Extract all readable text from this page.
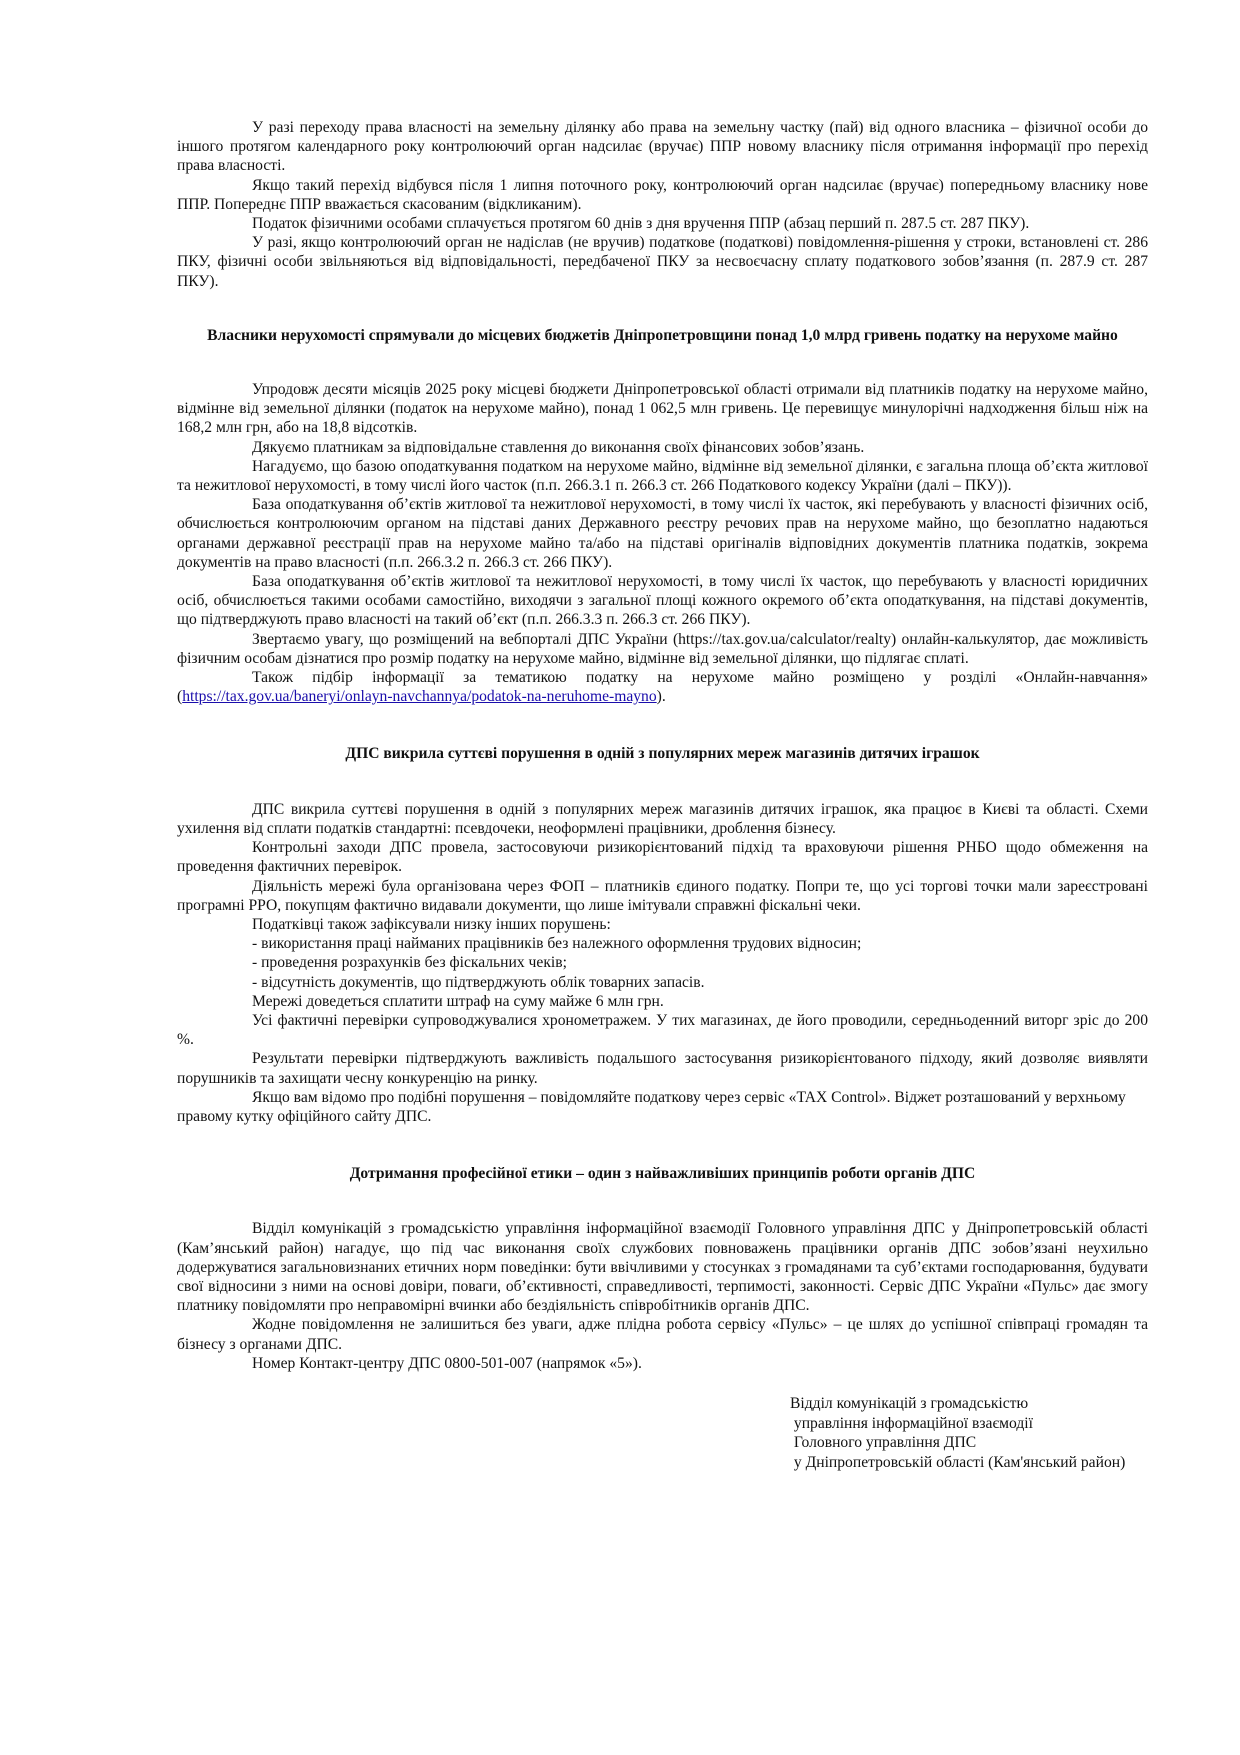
У разі переходу права власності на земельну ділянку або права на земельну частку (пай) від одного власника – фізичної особи до іншого протягом календарного року контролюючий орган надсилає (вручає) ППР новому власнику після отримання інформації про перехід права власності.

Якщо такий перехід відбувся після 1 липня поточного року, контролюючий орган надсилає (вручає) попередньому власнику нове ППР. Попереднє ППР вважається скасованим (відкликаним).

Податок фізичними особами сплачується протягом 60 днів з дня вручення ППР (абзац перший п. 287.5 ст. 287 ПКУ).

У разі, якщо контролюючий орган не надіслав (не вручив) податкове (податкові) повідомлення-рішення у строки, встановлені ст. 286 ПКУ, фізичні особи звільняються від відповідальності, передбаченої ПКУ за несвоєчасну сплату податкового зобов’язання (п. 287.9 ст. 287 ПКУ).

Власники нерухомості спрямували до місцевих бюджетів Дніпропетровщини понад 1,0 млрд гривень податку на нерухоме майно

Упродовж десяти місяців 2025 року місцеві бюджети Дніпропетровської області отримали від платників податку на нерухоме майно, відмінне від земельної ділянки (податок на нерухоме майно), понад 1 062,5 млн гривень. Це перевищує минулорічні надходження більш ніж на 168,2 млн грн, або на 18,8 відсотків.

Дякуємо платникам за відповідальне ставлення до виконання своїх фінансових зобов’язань.

Нагадуємо, що базою оподаткування податком на нерухоме майно, відмінне від земельної ділянки, є загальна площа об’єкта житлової та нежитлової нерухомості, в тому числі його часток (п.п. 266.3.1 п. 266.3 ст. 266 Податкового кодексу України (далі – ПКУ)).

База оподаткування об’єктів житлової та нежитлової нерухомості, в тому числі їх часток, які перебувають у власності фізичних осіб, обчислюється контролюючим органом на підставі даних Державного реєстру речових прав на нерухоме майно, що безоплатно надаються органами державної реєстрації прав на нерухоме майно та/або на підставі оригіналів відповідних документів платника податків, зокрема документів на право власності (п.п. 266.3.2 п. 266.3 ст. 266 ПКУ).

База оподаткування об’єктів житлової та нежитлової нерухомості, в тому числі їх часток, що перебувають у власності юридичних осіб, обчислюється такими особами самостійно, виходячи з загальної площі кожного окремого об’єкта оподаткування, на підставі документів, що підтверджують право власності на такий об’єкт (п.п. 266.3.3 п. 266.3 ст. 266 ПКУ).

Звертаємо увагу, що розміщений на вебпорталі ДПС України (https://tax.gov.ua/calculator/realty) онлайн-калькулятор, дає можливість фізичним особам дізнатися про розмір податку на нерухоме майно, відмінне від земельної ділянки, що підлягає сплаті.

Також підбір інформації за тематикою податку на нерухоме майно розміщено у розділі «Онлайн-навчання» (https://tax.gov.ua/baneryi/onlayn-navchannya/podatok-na-neruhome-mayno).

ДПС викрила суттєві порушення в одній з популярних мереж магазинів дитячих іграшок

ДПС викрила суттєві порушення в одній з популярних мереж магазинів дитячих іграшок, яка працює в Києві та області. Схеми ухилення від сплати податків стандартні: псевдочеки, неоформлені працівники, дроблення бізнесу.

Контрольні заходи ДПС провела, застосовуючи ризикорієнтований підхід та враховуючи рішення РНБО щодо обмеження на проведення фактичних перевірок.

Діяльність мережі була організована через ФОП – платників єдиного податку. Попри те, що усі торгові точки мали зареєстровані програмні РРО, покупцям фактично видавали документи, що лише імітували справжні фіскальні чеки.

Податківці також зафіксували низку інших порушень:

- використання праці найманих працівників без належного оформлення трудових відносин;

- проведення розрахунків без фіскальних чеків;

- відсутність документів, що підтверджують облік товарних запасів.

Мережі доведеться сплатити штраф на суму майже 6 млн грн.

Усі фактичні перевірки супроводжувалися хронометражем. У тих магазинах, де його проводили, середньоденний виторг зріс до 200 %.

Результати перевірки підтверджують важливість подальшого застосування ризикорієнтованого підходу, який дозволяє виявляти порушників та захищати чесну конкуренцію на ринку.

Якщо вам відомо про подібні порушення – повідомляйте податкову через сервіс «TAX Control». Віджет розташований у верхньому правому кутку офіційного сайту ДПС.

Дотримання професійної етики – один з найважливіших принципів роботи органів ДПС

Відділ комунікацій з громадськістю управління інформаційної взаємодії Головного управління ДПС у Дніпропетровській області (Кам’янський район) нагадує, що під час виконання своїх службових повноважень працівники органів ДПС зобов’язані неухильно додержуватися загальновизнаних етичних норм поведінки: бути ввічливими у стосунках з громадянами та суб’єктами господарювання, будувати свої відносини з ними на основі довіри, поваги, об’єктивності, справедливості, терпимості, законності. Сервіс ДПС України «Пульс» дає змогу платнику повідомляти про неправомірні вчинки або бездіяльність співробітників органів ДПС.

Жодне повідомлення не залишиться без уваги, адже плідна робота сервісу «Пульс» – це шлях до успішної співпраці громадян та бізнесу з органами ДПС.

Номер Контакт-центру ДПС 0800-501-007 (напрямок «5»).

Відділ комунікацій з громадськістю
управління інформаційної взаємодії
Головного управління ДПС
у Дніпропетровській області (Кам'янський район)
